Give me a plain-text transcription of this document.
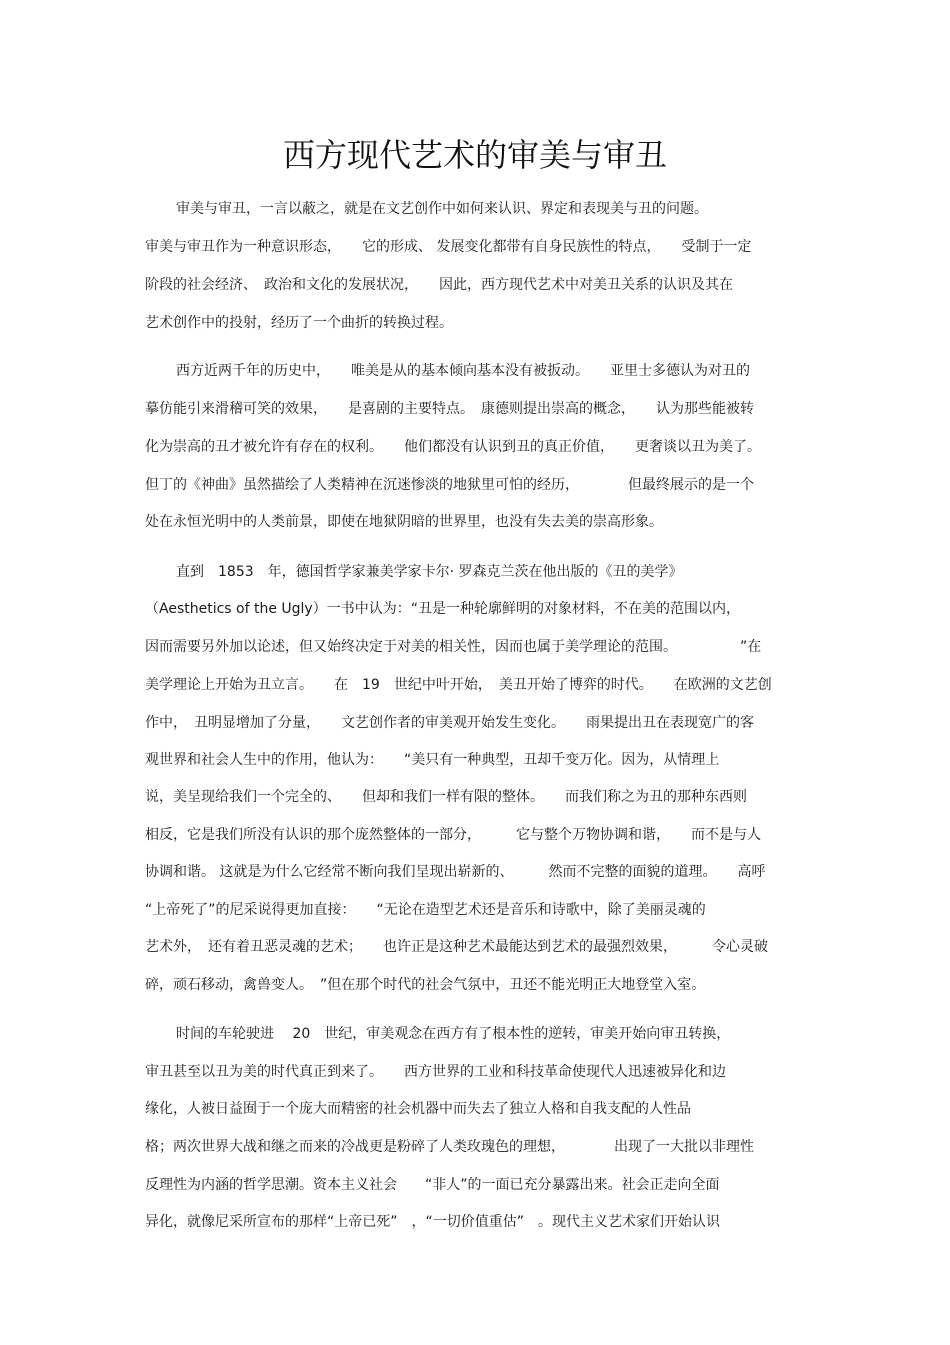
西方现代艺术的审美与审丑

审美与审丑，一言以蔽之，就是在文艺创作中如何来认识、界定和表现美与丑的问题。

审美与审丑作为一种意识形态，　　它的形成、 发展变化都带有自身民族性的特点，　　受制于一定

阶段的社会经济、　政治和文化的发展状况，　　因此，西方现代艺术中对美丑关系的认识及其在

艺术创作中的投射，经历了一个曲折的转换过程。

西方近两千年的历史中，　　唯美是从的基本倾向基本没有被扳动。　　亚里士多德认为对丑的

摹仿能引来滑稽可笑的效果，　　是喜剧的主要特点。　康德则提出崇高的概念，　　认为那些能被转

化为崇高的丑才被允许有存在的权利。　　他们都没有认识到丑的真正价值，　　更奢谈以丑为美了。

但丁的《神曲》虽然描绘了人类精神在沉迷惨淡的地狱里可怕的经历，　　　　但最终展示的是一个

处在永恒光明中的人类前景，即使在地狱阴暗的世界里，也没有失去美的崇高形象。

直到　1853　年，德国哲学家兼美学家卡尔· 罗森克兰茨在他出版的《丑的美学》

（Aesthetics of the Ugly）一书中认为：“丑是一种轮廓鲜明的对象材料，不在美的范围以内，

因而需要另外加以论述，但又始终决定于对美的相关性，因而也属于美学理论的范围。　　　　　”在

美学理论上开始为丑立言。　　在　19　世纪中叶开始，　美丑开始了博弈的时代。　　在欧洲的文艺创

作中，　丑明显增加了分量，　　文艺创作者的审美观开始发生变化。　　雨果提出丑在表现宽广的客

观世界和社会人生中的作用，他认为：　　“美只有一种典型，丑却千变万化。因为，从情理上

说，美呈现给我们一个完全的、　　但却和我们一样有限的整体。　　而我们称之为丑的那种东西则

相反，它是我们所没有认识的那个庞然整体的一部分，　　　它与整个万物协调和谐，　　而不是与人

协调和谐。 这就是为什么它经常不断向我们呈现出崭新的、　　　然而不完整的面貌的道理。　　高呼

“上帝死了”的尼采说得更加直接：　　“无论在造型艺术还是音乐和诗歌中，除了美丽灵魂的

艺术外，　还有着丑恶灵魂的艺术；　　也许正是这种艺术最能达到艺术的最强烈效果，　　　令心灵破

碎，顽石移动，禽兽变人。　”但在那个时代的社会气氛中，丑还不能光明正大地登堂入室。

时间的车轮驶进　 20　世纪，审美观念在西方有了根本性的逆转，审美开始向审丑转换，

审丑甚至以丑为美的时代真正到来了。　　西方世界的工业和科技革命使现代人迅速被异化和边

缘化，人被日益囿于一个庞大而精密的社会机器中而失去了独立人格和自我支配的人性品

格；两次世界大战和继之而来的冷战更是粉碎了人类玫瑰色的理想，　　　　出现了一大批以非理性

反理性为内涵的哲学思潮。资本主义社会　　“非人”的一面已充分暴露出来。社会正走向全面

异化，就像尼采所宣布的那样“上帝已死”　，“一切价值重估”　。现代主义艺术家们开始认识
